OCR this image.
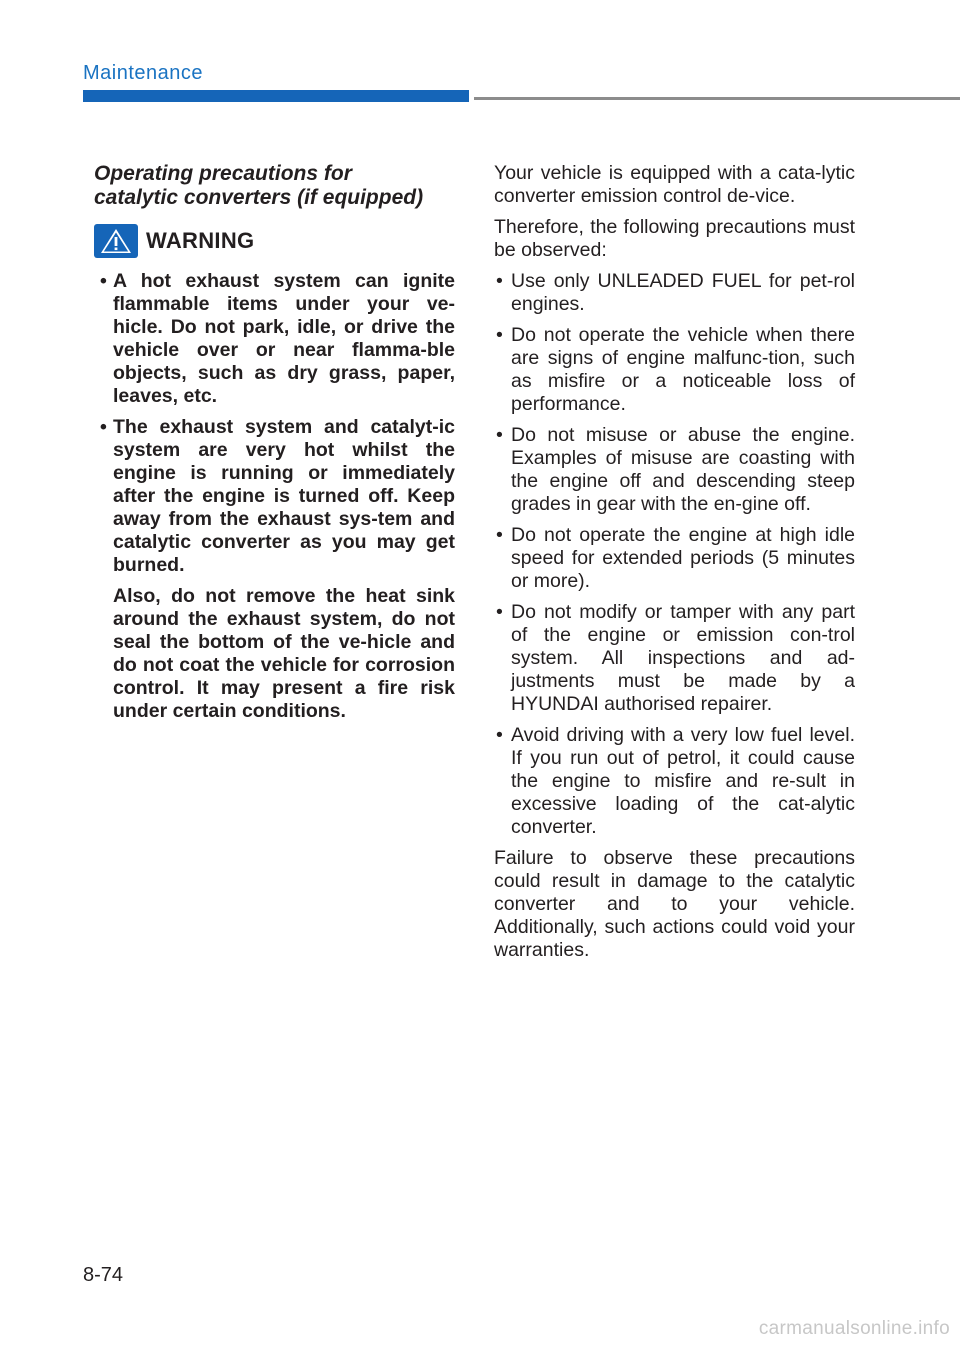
Maintenance
Operating precautions for
catalytic converters (if equipped)
WARNING
• A hot exhaust system can ignite flammable items under your ve-hicle. Do not park, idle, or drive the vehicle over or near flamma-ble objects, such as dry grass, paper, leaves, etc.
• The exhaust system and catalyt-ic system are very hot whilst the engine is running or immediately after the engine is turned off. Keep away from the exhaust sys-tem and catalytic converter as you may get burned.
Also, do not remove the heat sink around the exhaust system, do not seal the bottom of the ve-hicle and do not coat the vehicle for corrosion control. It may present a fire risk under certain conditions.

Your vehicle is equipped with a cata-lytic converter emission control de-vice.

Therefore, the following precautions must be observed:

• Use only UNLEADED FUEL for pet-rol engines.
• Do not operate the vehicle when there are signs of engine malfunc-tion, such as misfire or a noticeable loss of performance.
• Do not misuse or abuse the engine. Examples of misuse are coasting with the engine off and descending steep grades in gear with the en-gine off.
• Do not operate the engine at high idle speed for extended periods (5 minutes or more).
• Do not modify or tamper with any part of the engine or emission con-trol system. All inspections and ad-justments must be made by a HYUNDAI authorised repairer.
• Avoid driving with a very low fuel level. If you run out of petrol, it could cause the engine to misfire and re-sult in excessive loading of the cat-alytic converter.

Failure to observe these precautions could result in damage to the catalytic converter and to your vehicle. Additionally, such actions could void your warranties.

8-74
carmanualsonline.info
